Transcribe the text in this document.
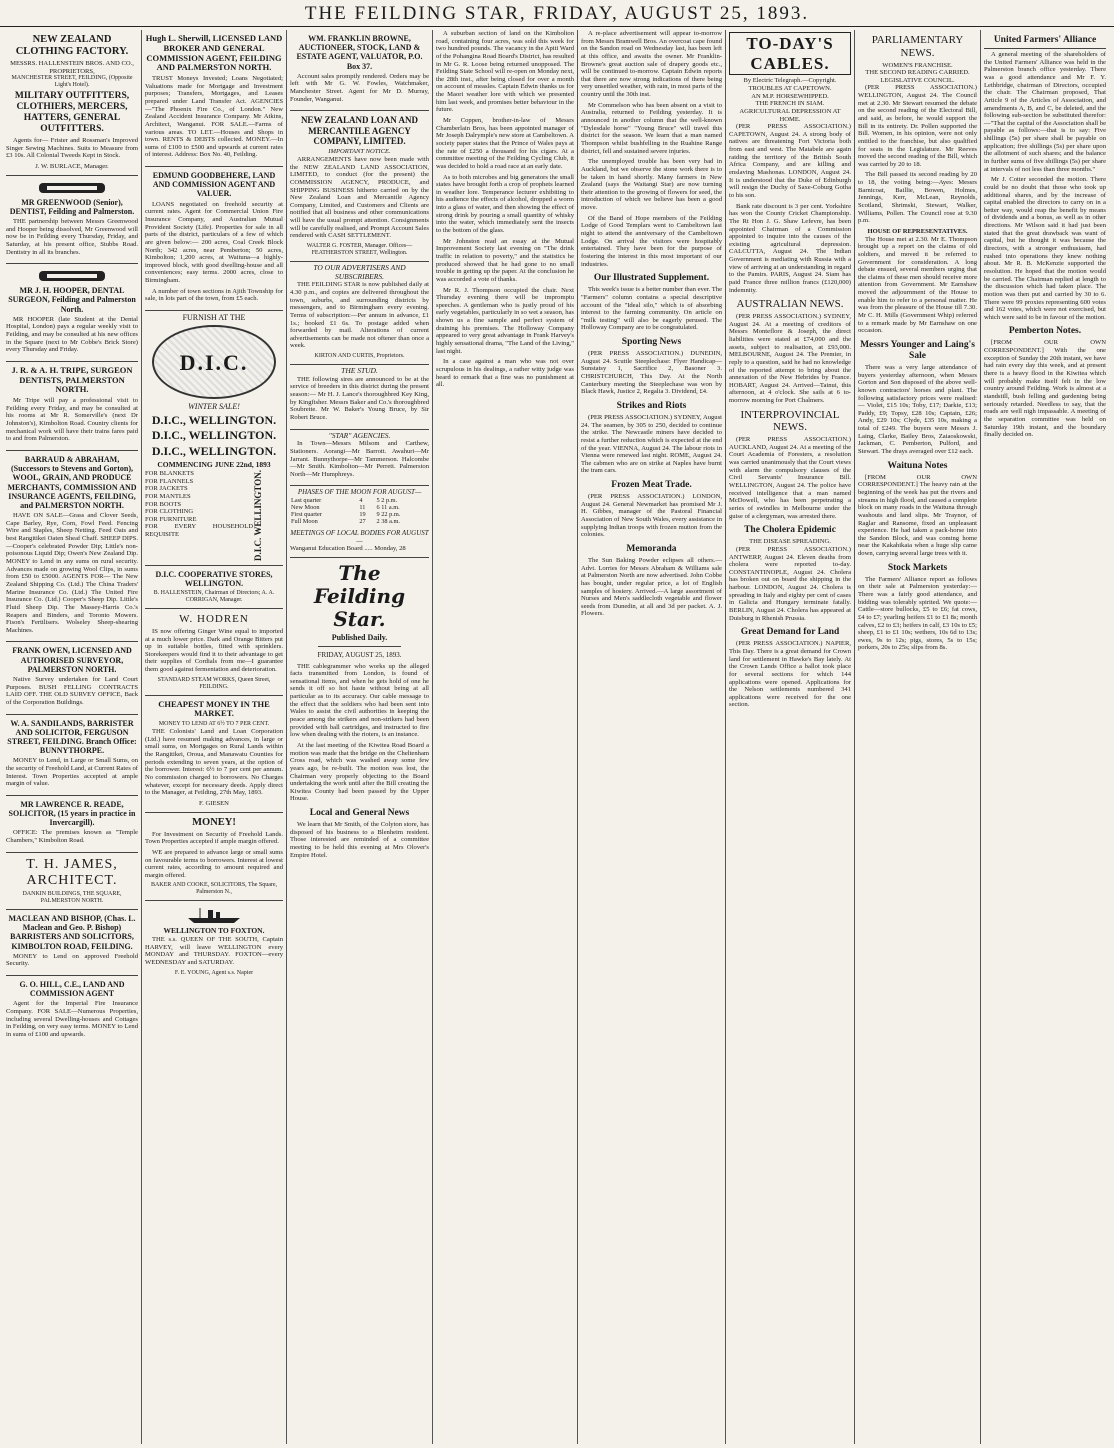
THE FEILDING STAR, FRIDAY, AUGUST 25, 1893.
NEW ZEALAND CLOTHING FACTORY.
MESSRS. HALLENSTEIN BROS. AND CO., PROPRIETORS,
MANCHESTER STREET, FEILDING, (Opposite Light's Hotel).
MILITARY OUTFITTERS, CLOTHIERS, MERCERS, HATTERS, GENERAL OUTFITTERS.

Agents for— Frister and Rossman's Improved Singer Sewing Machines. Suits to Measure from £3 10s. All Colonial Tweeds Kept in Stock.

J. W. BURLACE, Manager.
MR GREENWOOD (Senior), DENTIST, Feilding and Palmerston.

THE partnership between Messrs Greenwood and Hooper being dissolved, Mr Greenwood will now be in Feilding every Thursday, Friday, and Saturday, at his present office, Stubbs Road. Dentistry in all its branches.

MR J. H. HOOPER, DENTAL SURGEON, Feilding and Palmerston North.

MR HOOPER (late Student at the Dental Hospital, London) pays a regular weekly visit to Feilding, and may be consulted at his new offices in the Square (next to Mr Cobbe's Brick Store) every Thursday and Friday.

J. R. & A. H. TRIPE, SURGEON DENTISTS, PALMERSTON NORTH.

Mr Tripe will pay a professional visit to Feilding every Friday, and may be consulted at his rooms at Mr R. Somerville's (next Dr Johnston's), Kimbolton Road. Country clients for mechanical work will have their trains fares paid to and from Palmerston.

BARRAUD & ABRAHAM, (Successors to Stevens and Gorton), WOOL, GRAIN, AND PRODUCE MERCHANTS, COMMISSION AND INSURANCE AGENTS, FEILDING, and PALMERSTON NORTH.

HAVE ON SALE—Grass and Clover Seeds, Cape Barley, Rye, Corn, Fowl Feed. Fencing Wire and Staples, Sheep Netting. Feed Oats and best Rangitikei Oaten Sheaf Chaff. SHEEP DIPS.—Cooper's celebrated Powder Dip; Little's non-poisonous Liquid Dip; Owen's New Zealand Dip. MONEY to Lend in any sums on rural security. Advances made on growing Wool Clips, in sums from £50 to £5000. AGENTS FOR— The New Zealand Shipping Co. (Ltd.) The China Traders' Marine Insurance Co. (Ltd.) The United Fire Insurance Co. (Ltd.) Cooper's Sheep Dip. Little's Fluid Sheep Dip. The Massey-Harris Co.'s Reapers and Binders, and Toronto Mowers. Fison's Fertilisers. Wolseley Sheep-shearing Machines.

FRANK OWEN, LICENSED AND AUTHORISED SURVEYOR, PALMERSTON NORTH.

Native Survey undertaken for Land Court Purposes. BUSH FELLING CONTRACTS LAID OFF. THE OLD SURVEY OFFICE, Back of the Corporation Buildings.

W. A. SANDILANDS, BARRISTER AND SOLICITOR, FERGUSON STREET, FEILDING. Branch Office: BUNNYTHORPE.

MONEY to Lend, in Large or Small Sums, on the security of Freehold Land, at Current Rates of Interest. Town Properties accepted at ample margin of value.

MR LAWRENCE R. READE, SOLICITOR, (15 years in practice in Invercargill).

OFFICE: The premises known as "Temple Chambers," Kimbolton Road.

T. H. JAMES, ARCHITECT.
DANKIN BUILDINGS, THE SQUARE, PALMERSTON NORTH.
MACLEAN AND BISHOP, (Chas. L. Maclean and Geo. P. Bishop) BARRISTERS AND SOLICITORS, KIMBOLTON ROAD, FEILDING.

MONEY to Lend on approved Freehold Security.

G. O. HILL, C.E., LAND AND COMMISSION AGENT

Agent for the Imperial Fire Insurance Company. FOR SALE—Numerous Properties, including several Dwelling-houses and Cottages in Feilding, on very easy terms. MONEY to Lend in sums of £100 and upwards.

Hugh L. Sherwill, LICENSED LAND BROKER AND GENERAL COMMISSION AGENT, FEILDING AND PALMERSTON NORTH.

TRUST Moneys Invested; Loans Negotiated; Valuations made for Mortgage and Investment purposes; Transfers, Mortgages, and Leases prepared under Land Transfer Act. AGENCIES—"The Phoenix Fire Co., of London." New Zealand Accident Insurance Company. Mr Atkins, Architect, Wanganui. FOR SALE.—Farms of various areas. TO LET.—Houses and Shops in town. RENTS & DEBTS collected. MONEY.—In sums of £100 to £500 and upwards at current rates of interest. Address: Box No. 40, Feilding.

EDMUND GOODBEHERE, LAND AND COMMISSION AGENT AND VALUER.

LOANS negotiated on freehold security at current rates. Agent for Commercial Union Fire Insurance Company, and Australian Mutual Provident Society (Life). Properties for sale in all parts of the district, particulars of a few of which are given below:— 200 acres, Coal Creek Block North; 342 acres, near Pemberton; 50 acres, Kimbolton; 1,200 acres, at Waituna—a highly-improved block, with good dwelling-house and all conveniences; easy terms. 2000 acres, close to Birmingham.

A number of town sections in Ajith Township for sale, in lots part of the town, from £5 each.

FURNISH AT THE
D.I.C.
WINTER SALE!
D.I.C., WELLINGTON.
D.I.C., WELLINGTON.
D.I.C., WELLINGTON.
COMMENCING JUNE 22nd, 1893
FOR BLANKETS
FOR FLANNELS
FOR JACKETS
FOR MANTLES
FOR BOOTS
FOR CLOTHING
FOR FURNITURE
FOR EVERY HOUSEHOLD REQUISITE	D.I.C. WELLINGTON.
D.I.C. COOPERATIVE STORES, WELLINGTON.
B. HALLENSTEIN, Chairman of Directors; A. A. CORRIGAN, Manager.
W. HODREN

IS now offering Ginger Wine equal to imported at a much lower price. Dark and Orange Bitters put up in suitable bottles, fitted with sprinklers. Storekeepers would find it to their advantage to get their supplies of Cordials from me—I guarantee them good against fermentation and deterioration.

STANDARD STEAM WORKS, Queen Street, FEILDING.
CHEAPEST MONEY IN THE MARKET.
MONEY TO LEND AT 6½ TO 7 PER CENT.

THE Colonists' Land and Loan Corporation (Ltd.) have resumed making advances, in large or small sums, on Mortgages on Rural Lands within the Rangitikei, Oroua, and Manawatu Counties for periods extending to seven years, at the option of the borrower. Interest: 6½ to 7 per cent per annum. No commission charged to borrowers. No Charges whatever, except for necessary deeds. Apply direct to the Manager, at Feilding, 27th May, 1893.

F. GIESEN
MONEY!

For Investment on Security of Freehold Lands. Town Properties accepted if ample margin offered.

WE are prepared to advance large or small sums on favourable terms to borrowers. Interest at lowest current rates, according to amount required and margin offered.

BAKER AND COOKE, SOLICITORS, The Square, Palmerston N.,
WELLINGTON TO FOXTON.

THE s.s. QUEEN OF THE SOUTH, Captain HARVEY, will leave WELLINGTON every MONDAY and THURSDAY. FOXTON—every WEDNESDAY and SATURDAY.

F. E. YOUNG, Agent s.s. Napier
WM. FRANKLIN BROWNE, AUCTIONEER, STOCK, LAND & ESTATE AGENT, VALUATOR, P.O. Box 37.

Account sales promptly rendered. Orders may be left with Mr G. W. Fowles, Watchmaker, Manchester Street. Agent for Mr D. Murray, Founder, Wanganui.

NEW ZEALAND LOAN AND MERCANTILE AGENCY COMPANY, LIMITED.
IMPORTANT NOTICE.

ARRANGEMENTS have now been made with the NEW ZEALAND LAND ASSOCIATION, LIMITED, to conduct (for the present) the COMMISSION AGENCY, PRODUCE, and SHIPPING BUSINESS hitherto carried on by the New Zealand Loan and Mercantile Agency Company, Limited, and Customers and Clients are notified that all business and other communications will have the usual prompt attention. Consignments will be carefully realised, and Prompt Account Sales rendered with CASH SETTLEMENT.

WALTER G. FOSTER, Manager. Offices—FEATHERSTON STREET, Wellington.
TO OUR ADVERTISERS AND SUBSCRIBERS.

THE FEILDING STAR is now published daily at 4.30 p.m., and copies are delivered throughout the town, suburbs, and surrounding districts by messengers, and to Birmingham every evening. Terms of subscription:—Per annum in advance, £1 1s.; booked £1 6s. To postage added when forwarded by mail. Alterations of current advertisements can be made not oftener than once a week.

KIRTON AND CURTIS, Proprietors.
THE STUD.

THE following sires are announced to be at the service of breeders in this district during the present season:— Mr H. J. Lance's thoroughbred Key King, by Kingfisher. Messrs Baker and Co.'s thoroughbred Soubrette. Mr W. Baker's Young Bruce, by Sir Robert Bruce.

"STAR" AGENCIES.

In Town—Messrs Milsom and Carthew, Stationers. Aorangi—Mr Barrott. Awahuri—Mr Jarrant. Bunnythorpe—Mr Tammerson. Halcombe—Mr Smith. Kimbolton—Mr Perrett. Palmerston North—Mr Humphreys.

PHASES OF THE MOON FOR AUGUST—
Last quarter	4	5 2 p.m.
New Moon	11	6 11 a.m.
First quarter	19	9 22 p.m.
Full Moon	27	2 38 a.m.
MEETINGS OF LOCAL BODIES FOR AUGUST—
Wanganui Education Board ..... Monday, 28
The Feilding Star.
Published Daily.
FRIDAY, AUGUST 25, 1893.

THE cablegrammer who works up the alleged facts transmitted from London, is found of sensational items, and when he gets hold of one he sends it off so hot haste without being at all particular as to its accuracy. Our cable message to the effect that the soldiers who had been sent into Wales to assist the civil authorities in keeping the peace among the strikers and non-strikers had been provided with ball cartridges, and instructed to fire low when dealing with the rioters, is an instance.

At the last meeting of the Kiwitea Road Board a motion was made that the bridge on the Cheltenham Cross road, which was washed away some few years ago, be re-built. The motion was lost, the Chairman very properly objecting to the Board undertaking the work until after the Bill creating the Kiwitea County had been passed by the Upper House.

Local and General News

We learn that Mr Smith, of the Colyton store, has disposed of his business to a Blenheim resident. Those interested are reminded of a committee meeting to be held this evening at Mrs Olover's Empire Hotel.

A suburban section of land on the Kimbolton road, containing four acres, was sold this week for two hundred pounds. The vacancy in the Apiti Ward of the Pohangina Road Board's District, has resulted in Mr G. R. Loose being returned unopposed. The Feilding State School will re-open on Monday next, the 28th inst., after being closed for over a month on account of measles. Captain Edwin thanks us for the Maori weather lore with which we presented him last week, and promises better behaviour in the future.

Mr Coppen, brother-in-law of Messrs Chamberlain Bros, has been appointed manager of Mr Joseph Dalrymple's new store at Cambeltown. A society paper states that the Prince of Wales pays at the rate of £250 a thousand for his cigars. At a committee meeting of the Feilding Cycling Club, it was decided to hold a road race at an early date.

As to both microbes and big generators the small states have brought forth a crop of prophets learned in weather lore. Temperance lecturer exhibiting to his audience the effects of alcohol, dropped a worm into a glass of water, and then showing the effect of strong drink by pouring a small quantity of whisky into the water, which immediately sent the insects to the bottom of the glass.

Mr Johnston read an essay at the Mutual Improvement Society last evening on "The drink traffic in relation to poverty," and the statistics he produced showed that he had gone to no small trouble in getting up the paper. At the conclusion he was accorded a vote of thanks.

Mr R. J. Thompson occupied the chair. Next Thursday evening there will be impromptu speeches. A gentleman who is justly proud of his early vegetables, particularly in so wet a season, has shown us a fine sample and perfect system of draining his premises. The Holloway Company appeared to very great advantage in Frank Harvey's highly sensational drama, "The Land of the Living," last night.

In a case against a man who was not over scrupulous in his dealings, a rather witty judge was heard to remark that a fine was no punishment at all.

A re-place advertisement will appear to-morrow from Messrs Bramwell Bros. An overcoat cape found on the Sandon road on Wednesday last, has been left at this office, and awaits the owner. Mr Franklin-Browne's great auction sale of drapery goods etc., will be continued to-morrow. Captain Edwin reports that there are now strong indications of there being very unsettled weather, with rain, in most parts of the country until the 30th inst.

Mr Commelson who has been absent on a visit to Australia, returned to Feilding yesterday. It is announced in another column that the well-known "Dylesdale horse" "Young Bruce" will travel this district for the season. We learn that a man named Thompson whilst bushfelling in the Ruahine Range district, fell and sustained severe injuries.

The unemployed trouble has been very bad in Auckland, but we observe the stone work there is to be taken in hand shortly. Many farmers in New Zealand (says the Waitangi Star) are now turning their attention to the growing of flowers for seed, the introduction of which we believe has been a good move.

Of the Band of Hope members of the Feilding Lodge of Good Templars went to Cambeltown last night to attend the anniversary of the Cambeltown Lodge. On arrival the visitors were hospitably entertained. They have been for the purpose of fostering the interest in this most important of our industries.

Our Illustrated Supplement.

This week's issue is a better number than ever. The "Farmers" column contains a special descriptive account of the "Ideal silo," which is of absorbing interest to the farming community. On article on "milk testing" will also be eagerly perused. The Holloway Company are to be congratulated.

Sporting News

(PER PRESS ASSOCIATION.) DUNEDIN, August 24. Scuttle Steeplechase: Flyer Handicap—Sunstatsy 1, Sacrifice 2, Basoner 3. CHRISTCHURCH, This Day. At the North Canterbury meeting the Steeplechase was won by Black Hawk, Justice 2, Regalia 3. Dividend, £4.

Strikes and Riots

(PER PRESS ASSOCIATION.) SYDNEY, August 24. The seamen, by 305 to 250, decided to continue the strike. The Newcastle miners have decided to resist a further reduction which is expected at the end of the year. VIENNA, August 24. The labour riots in Vienna were renewed last night. ROME, August 24. The cabmen who are on strike at Naples have burnt the tram cars.

Frozen Meat Trade.

(PER PRESS ASSOCIATION.) LONDON, August 24. General Newmarket has promised Mr J. H. Gibbes, manager of the Pastoral Financial Association of New South Wales, every assistance in supplying Indian troops with frozen mutton from the colonies.

Memoranda

The Sun Baking Powder eclipses all others.—Advt. Lorries for Messrs Abraham & Williams sale at Palmerston North are now advertised. John Cobbe has bought, under regular price, a lot of English samples of hosiery. Arrived.—A large assortment of Nurses and Men's saddlecloth vegetable and flower seeds from Dunedin, at all and 3d per packet. A. J. Flowers.

TO-DAY'S CABLES.
By Electric Telegraph.—Copyright.
TROUBLES AT CAPETOWN.
AN M.P. HORSEWHIPPED.
THE FRENCH IN SIAM.
AGRICULTURAL DEPRESSION AT HOME.

(PER PRESS ASSOCIATION.) CAPETOWN, August 24. A strong body of natives are threatening Fort Victoria both from east and west. The Matabele are again raiding the territory of the British South Africa Company, and are killing and enslaving Mashonas. LONDON, August 24. It is understood that the Duke of Edinburgh will resign the Duchy of Saxe-Coburg Gotha to his son.

Bank rate discount is 3 per cent. Yorkshire has won the County Cricket Championship. The Rt Hon J. G. Shaw Lefevre, has been appointed Chairman of a Commission appointed to inquire into the causes of the existing agricultural depression. CALCUTTA, August 24. The Indian Government is mediating with Russia with a view of arriving at an understanding in regard to the Pamirs. PARIS, August 24. Siam has paid France three million francs (£120,000) indemnity.

AUSTRALIAN NEWS.

(PER PRESS ASSOCIATION.) SYDNEY, August 24. At a meeting of creditors of Messrs Monteflore & Joseph, the direct liabilities were stated at £74,000 and the assets, subject to realisation, at £93,000. MELBOURNE, August 24. The Premier, in reply to a question, said he had no knowledge of the reported attempt to bring about the annexation of the New Hebrides by France. HOBART, August 24. Arrived—Tainui, this afternoon, at 4 o'clock. She sails at 6 to-morrow morning for Port Chalmers.

INTERPROVINCIAL NEWS.

(PER PRESS ASSOCIATION.) AUCKLAND, August 24. At a meeting of the Court Academia of Foresters, a resolution was carried unanimously that the Court views with alarm the compulsory clauses of the Civil Servants' Insurance Bill. WELLINGTON, August 24. The police have received intelligence that a man named McDowell, who has been perpetrating a series of swindles in Melbourne under the guise of a clergyman, was arrested there.

The Cholera Epidemic
THE DISEASE SPREADING.

(PER PRESS ASSOCIATION.) ANTWERP, August 24. Eleven deaths from cholera were reported to-day. CONSTANTINOPLE, August 24. Cholera has broken out on board the shipping in the harbour. LONDON, August 24. Cholera is spreading in Italy and eighty per cent of cases in Galicia and Hungary terminate fatally. BERLIN, August 24. Cholera has appeared at Duisburg in Rhenish Prussia.

Great Demand for Land

(PER PRESS ASSOCIATION.) NAPIER, This Day. There is a great demand for Crown land for settlement in Hawke's Bay lately. At the Crown Lands Office a ballot took place for several sections for which 144 applications were opened. Applications for the Nelson settlements numbered 341 applications were received for the one section.

PARLIAMENTARY NEWS.
WOMEN'S FRANCHISE.
THE SECOND READING CARRIED.
LEGISLATIVE COUNCIL.

(PER PRESS ASSOCIATION.) WELLINGTON, August 24. The Council met at 2.30. Mr Stewart resumed the debate on the second reading of the Electoral Bill, and said, as before, he would support the Bill in its entirety. Dr. Pollen supported the Bill. Women, in his opinion, were not only entitled to the franchise, but also qualified for seats in the Legislature. Mr Reeves moved the second reading of the Bill, which was carried by 20 to 18.

The Bill passed its second reading by 20 to 18, the voting being:—Ayes: Messrs Barnicoat, Baillie, Bowen, Holmes, Jennings, Kerr, McLean, Reynolds, Scotland, Shrimski, Stewart, Walker, Williams, Pollen. The Council rose at 9.30 p.m.

HOUSE OF REPRESENTATIVES.

The House met at 2.30. Mr E. Thompson brought up a report on the claims of old soldiers, and moved it be referred to Government for consideration. A long debate ensued, several members urging that the claims of these men should receive more attention from Government. Mr Earnshaw moved the adjournment of the House to enable him to refer to a personal matter. He was from the pleasure of the House till 7.30. Mr C. H. Mills (Government Whip) referred to a remark made by Mr Earnshaw on one occasion.

Messrs Younger and Laing's Sale

There was a very large attendance of buyers yesterday afternoon, when Messrs Gorton and Son disposed of the above well-known contractors' horses and plant. The following satisfactory prices were realised:— Violet, £15 10s; Toby, £17; Darkie, £13; Paddy, £9; Topsy, £28 10s; Captain, £26; Andy, £29 10s; Clyde, £35 10s, making a total of £249. The buyers were Messrs J. Laing, Clarke, Bailey Bros, Zaiaoskowski, Jackman, C. Pemberton, Pulford, and Stewart. The drays averaged over £12 each.

Waituna Notes

[FROM OUR OWN CORRESPONDENT.] The heavy rain at the beginning of the week has put the rivers and streams in high flood, and caused a complete block on many roads in the Waituna through washouts and land slips. Mr Traynor, of Raglar and Ransome, fixed an unpleasant experience. He had taken a pack-horse into the Sandon Block, and was coming home near the Kakahikaia when a huge slip came down, carrying several large trees with it.

Stock Markets

The Farmers' Alliance report as follows on their sale at Palmerston yesterday:—There was a fairly good attendance, and bidding was tolerably spirited. We quote:—Cattle—store bullocks, £5 to £6; fat cows, £4 to £7; yearling heifers £1 to £1 8s; month calves, £2 to £3; heifers in calf, £3 10s to £5; sheep, £1 to £1 10s; wethers, 10s 6d to 13s; ewes, 9s to 12s; pigs, stores, 5s to 15s; porkers, 20s to 25s; slips from 8s.

United Farmers' Alliance

A general meeting of the shareholders of the United Farmers' Alliance was held in the Palmerston branch office yesterday. There was a good attendance and Mr F. Y. Lethbridge, chairman of Directors, occupied the chair. The Chairman proposed, That Article 9 of the Articles of Association, and amendments A, B, and C, be deleted, and the following sub-section be substituted therefor:—"That the capital of the Association shall be payable as follows:—that is to say: Five shillings (5s) per share shall be payable on application; five shillings (5s) per share upon the allotment of such shares; and the balance in further sums of five shillings (5s) per share at intervals of not less than three months."

Mr J. Cotter seconded the motion. There could be no doubt that those who took up additional shares, and by the increase of capital enabled the directors to carry on in a better way, would reap the benefit by means of dividends and a bonus, as well as in other directions. Mr Wilson said it had just been stated that the great drawback was want of capital, but he thought it was because the directors, with a stronger enthusiasm, had rushed into operations they knew nothing about. Mr R. B. McKenzie supported the resolution. He hoped that the motion would be carried. The Chairman replied at length to the discussion which had taken place. The motion was then put and carried by 30 to 6. There were 99 proxies representing 600 votes and 162 votes, which were not exercised, but which were said to be in favour of the motion.

Pemberton Notes.

[FROM OUR OWN CORRESPONDENT.] With the one exception of Sunday the 20th instant, we have had rain every day this week, and at present there is a heavy flood in the Kiwitea which will probably make itself felt in the low country around Feilding. Work is almost at a standstill, bush felling and gardening being seriously retarded. Needless to say, that the roads are well nigh impassable. A meeting of the separation committee was held on Saturday 19th instant, and the boundary finally decided on.
